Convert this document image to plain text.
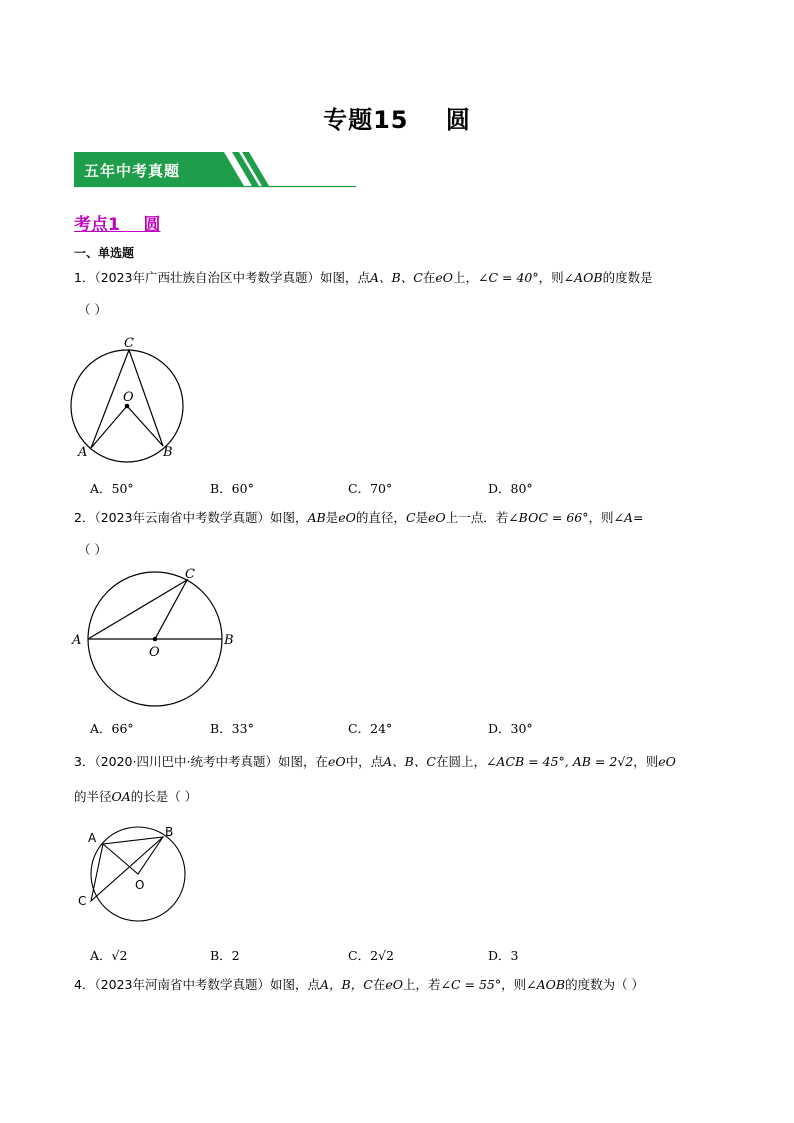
专题15    圆
五年中考真题
考点1    圆
一、单选题
1．（2023年广西壮族自治区中考数学真题）如图，点A、B、C在eO上，∠C = 40°，则∠AOB的度数是
（ ）
C
O
A	B
A．50°	B．60°	C．70°	D．80°
2．（2023年云南省中考数学真题）如图，AB是eO的直径，C是eO上一点．若∠BOC = 66°，则∠A=
（ ）
C
A
O
B
A．66°	B．33°	C．24°	D．30°
3．（2020·四川巴中·统考中考真题）如图，在eO中，点A、B、C在圆上，∠ACB = 45°, AB = 2√2，则eO
的半径OA的长是（ ）
A	B
O
C
A．√2	B．2	C．2√2	D．3
4．（2023年河南省中考数学真题）如图，点A，B，C在eO上，若∠C = 55°，则∠AOB的度数为（ ）
